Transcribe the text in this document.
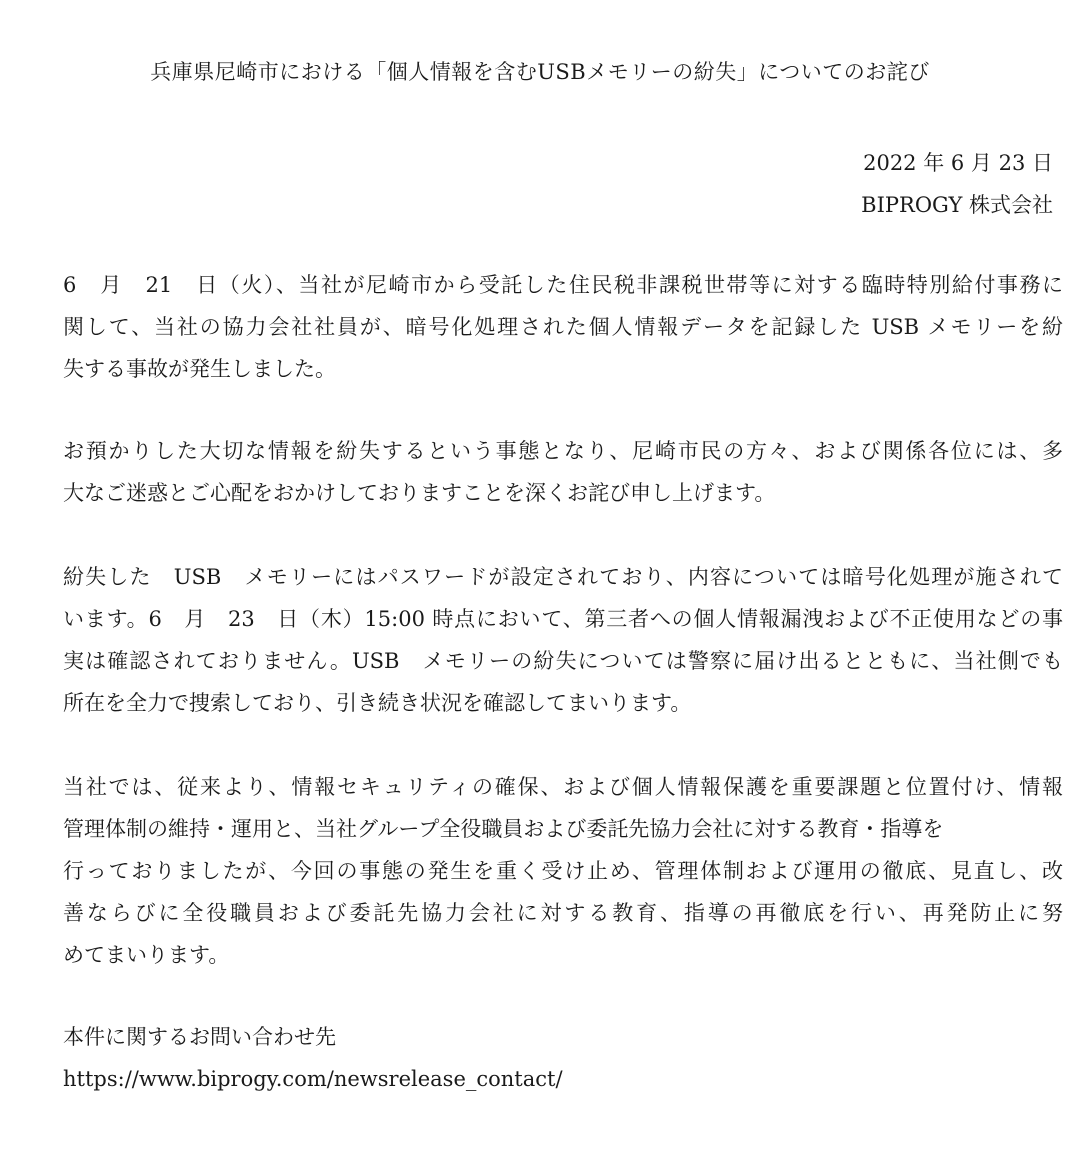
兵庫県尼崎市における「個人情報を含むUSBメモリーの紛失」についてのお詫び
2022 年 6 月 23 日
BIPROGY 株式会社
6　月　21　日（火）、当社が尼崎市から受託した住民税非課税世帯等に対する臨時特別給付事務に
関して、当社の協力会社社員が、暗号化処理された個人情報データを記録した USB メモリーを紛
失する事故が発生しました。
お預かりした大切な情報を紛失するという事態となり、尼崎市民の方々、および関係各位には、多
大なご迷惑とご心配をおかけしておりますことを深くお詫び申し上げます。
紛失した　USB　メモリーにはパスワードが設定されており、内容については暗号化処理が施されて
います。6　月　23　日（木）15:00 時点において、第三者への個人情報漏洩および不正使用などの事
実は確認されておりません。USB　メモリーの紛失については警察に届け出るとともに、当社側でも
所在を全力で捜索しており、引き続き状況を確認してまいります。
当社では、従来より、情報セキュリティの確保、および個人情報保護を重要課題と位置付け、情報
管理体制の維持・運用と、当社グループ全役職員および委託先協力会社に対する教育・指導を
行っておりましたが、今回の事態の発生を重く受け止め、管理体制および運用の徹底、見直し、改
善ならびに全役職員および委託先協力会社に対する教育、指導の再徹底を行い、再発防止に努
めてまいります。
本件に関するお問い合わせ先
https://www.biprogy.com/newsrelease_contact/
